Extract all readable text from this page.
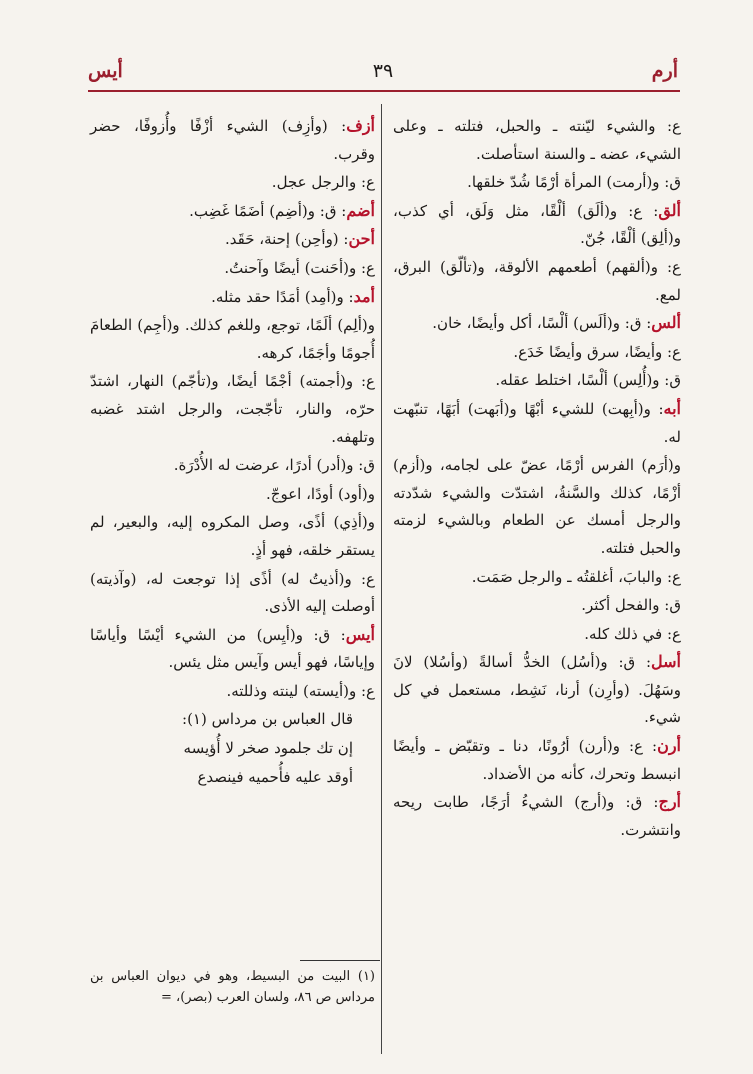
أرم
٣٩
أيس

ع: والشيء ليّنته ـ والحبل، فتلته ـ وعلى الشيء، عضه ـ والسنة استأصلت.

ق: و(أرمت) المرأة أرْمًا شُدّ خلقها.

ألق: ع: و(ألَق) ألْقًا، مثل وَلَق، أي كذب، و(ألِق) ألْقًا، جُنّ.

ع: و(ألقهم) أطعمهم الألوقة، و(تألّق) البرق، لمع.

ألس: ق: و(ألَس) ألْسًا، أكل وأيضًا، خان.

ع: وأيضًا، سرق وأيضًا خَدَع.

ق: و(أُلِس) ألْسًا، اختلط عقله.

أبه: و(أبِهت) للشيء أبْهًا و(أبَهت) أبَهًا، تنبّهت له.

و(أرَم) الفرس أرْمًا، عضّ على لجامه، و(أزم) أزْمًا، كذلك والسَّنةُ، اشتدّت والشيء شدّدته والرجل أمسك عن الطعام وبالشيء لزمته والحبل فتلته.

ع: والبابَ، أغلقتُه ـ والرجل صَمَت.

ق: والفحل أكثر.

ع: في ذلك كله.

أسل: ق: و(أسُل) الخدُّ أسالةً (وأسُلا) لانَ وسَهُلَ. (وأرِن) أرنا، نَشِط، مستعمل في كل شيء.

أرن: ع: و(أرن) أرُونًا، دنا ـ وتقبّض ـ وأيضًا انبسط وتحرك، كأنه من الأضداد.

أرج: ق: و(أرج) الشيءُ أرَجًا، طابت ريحه وانتشرت.

أزف: (وأزِف) الشيء أزْفًا وأُزوفًا، حضر وقرب.

ع: والرجل عجل.

أضم: ق: و(أضِم) أضَمًا غَضِب.

أحن: (وأحِن) إحنة، حَقَد.

ع: و(أحَنت) أيضًا وآحنتُ.

أمد: و(أمِد) أمَدًا حقد مثله.

و(ألِم) ألَمًا، توجع، وللغم كذلك. و(أجِم) الطعامَ أُجومًا وأجَمًا، كرهه.

ع: و(أجمته) أجْمًا أيضًا، و(تأجّم) النهار، اشتدّ حرّه، والنار، تأجّجت، والرجل اشتد غضبه وتلهفه.

ق: و(أدر) أدرًا، عرضت له الأُدْرَة.

و(أود) أودًا، اعوجّ.

و(أذِي) أذًى، وصل المكروه إليه، والبعير، لم يستقر خلقه، فهو أذٍ.

ع: و(أذيتُ له) أذًى إذا توجعت له، (وآذيته) أوصلت إليه الأذى.

أيس: ق: و(أيِس) من الشيء أيْسًا وأياسًا وإياسًا، فهو أيس وآيس مثل يئس.

ع: و(أيسته) لينته وذللته.

قال العباس بن مرداس (١):

إن تك جلمود صخر لا أُؤيسه

أوقد عليه فأُحميه فينصدع

(١) البيت من البسيط، وهو في ديوان العباس بن مرداس ص ٨٦، ولسان العرب (بصر)، =
